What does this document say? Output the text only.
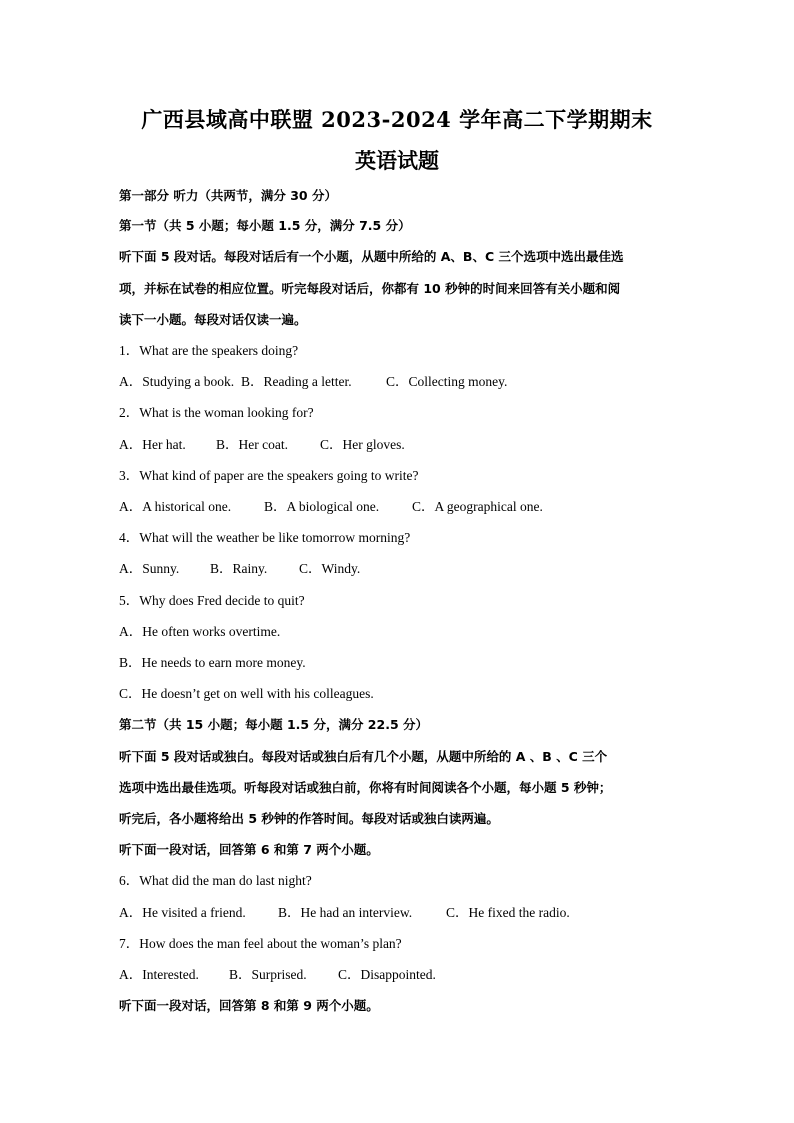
广西县域高中联盟 2023-2024 学年高二下学期期末
英语试题
第一部分 听力（共两节，满分 30 分）
第一节（共 5 小题；每小题 1.5 分，满分 7.5 分）
听下面 5 段对话。每段对话后有一个小题，从题中所给的 A、B、C 三个选项中选出最佳选
项，并标在试卷的相应位置。听完每段对话后，你都有 10 秒钟的时间来回答有关小题和阅
读下一小题。每段对话仅读一遍。
1．What are the speakers doing?
A．Studying a book. B．Reading a letter.	C．Collecting money.
2．What is the woman looking for?
A．Her hat. B．Her coat. C．Her gloves.
3．What kind of paper are the speakers going to write?
A．A historical one. B．A biological one. C．A geographical one.
4．What will the weather be like tomorrow morning?
A．Sunny. B．Rainy. C．Windy.
5．Why does Fred decide to quit?
A．He often works overtime.
B．He needs to earn more money.
C．He doesn’t get on well with his colleagues.
第二节（共 15 小题；每小题 1.5 分，满分 22.5 分）
听下面 5 段对话或独白。每段对话或独白后有几个小题，从题中所给的 A 、B 、C 三个
选项中选出最佳选项。听每段对话或独白前，你将有时间阅读各个小题，每小题 5 秒钟；
听完后，各小题将给出 5 秒钟的作答时间。每段对话或独白读两遍。
听下面一段对话，回答第 6 和第 7 两个小题。
6．What did the man do last night?
A．He visited a friend. B．He had an interview.	C．He fixed the radio.
7．How does the man feel about the woman’s plan?
A．Interested. B．Surprised. C．Disappointed.
听下面一段对话，回答第 8 和第 9 两个小题。
